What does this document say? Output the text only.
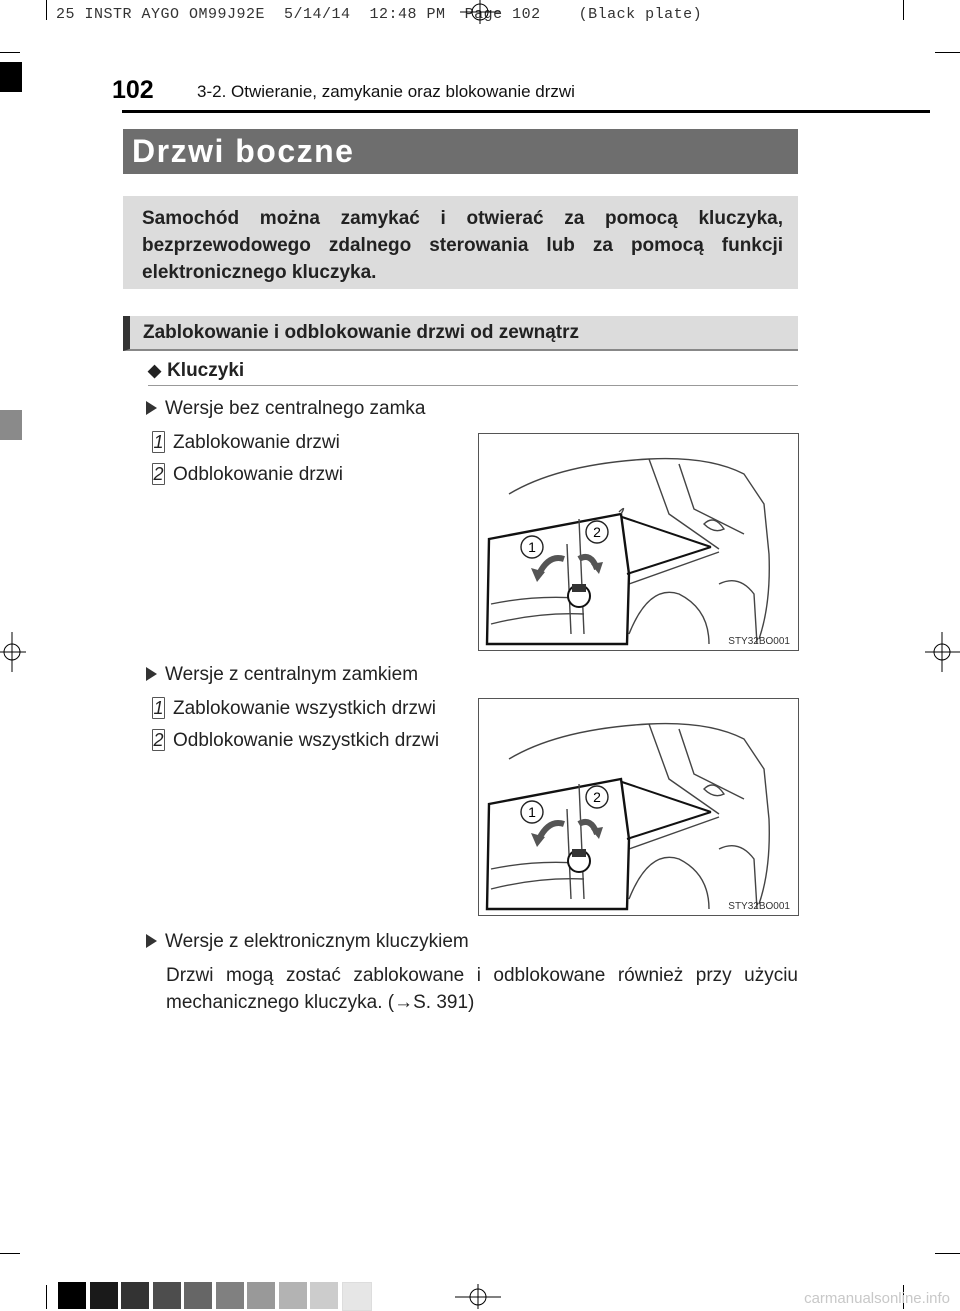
25 INSTR AYGO OM99J92E  5/14/14  12:48 PM  Page 102    (Black plate)
102	3-2. Otwieranie, zamykanie oraz blokowanie drzwi
Drzwi boczne

Samochód można zamykać i otwierać za pomocą kluczyka, bezprzewodowego zdalnego sterowania lub za pomocą funkcji elektronicznego kluczyka.

Zablokowanie i odblokowanie drzwi od zewnątrz
◆ Kluczyki
Wersje bez centralnego zamka
1 Zablokowanie drzwi
2 Odblokowanie drzwi
1
2
STY32BO001
Wersje z centralnym zamkiem
1 Zablokowanie wszystkich drzwi
2 Odblokowanie wszystkich drzwi
1
2
STY32BO001
Wersje z elektronicznym kluczykiem
Drzwi mogą zostać zablokowane i odblokowane również przy użyciu mechanicznego kluczyka. (→S. 391)
carmanualsonline.info
